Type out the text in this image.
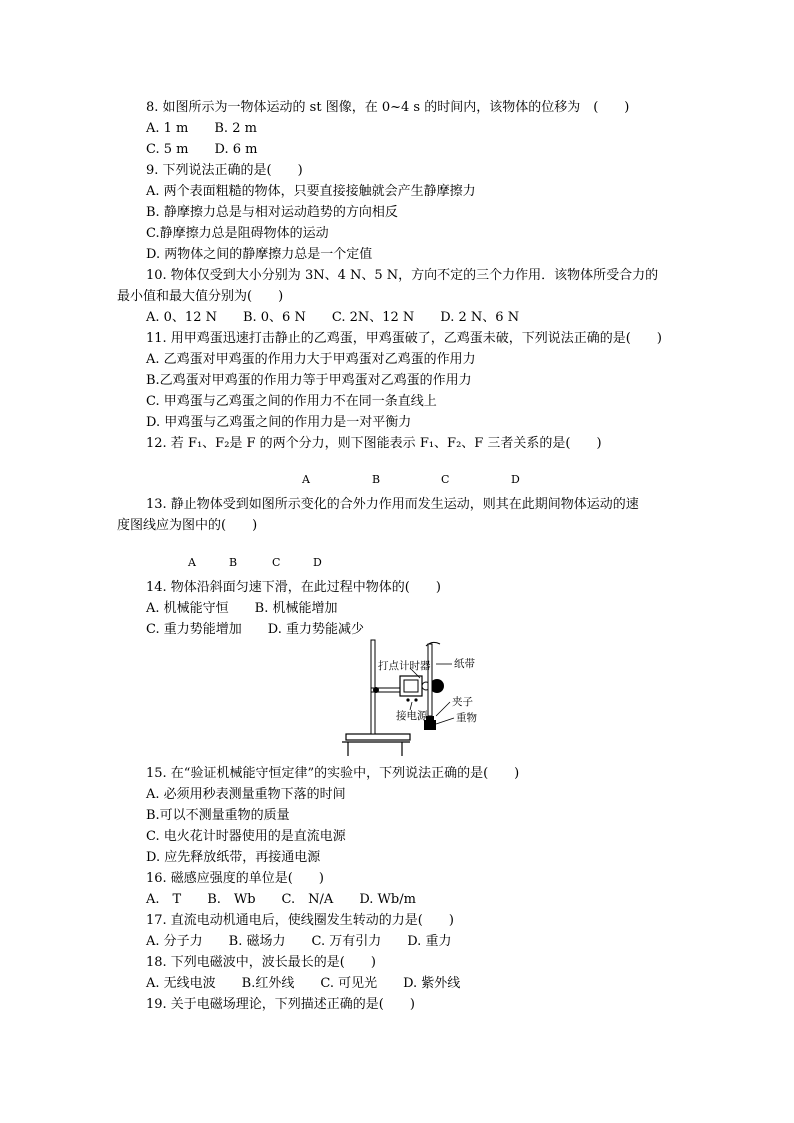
8. 如图所示为一物体运动的 st 图像，在 0~4 s 的时间内，该物体的位移为　(　　)
A. 1 m　　B. 2 m
C. 5 m　　D. 6 m
9. 下列说法正确的是(　　)
A. 两个表面粗糙的物体，只要直接接触就会产生静摩擦力
B. 静摩擦力总是与相对运动趋势的方向相反
C.静摩擦力总是阻碍物体的运动
D. 两物体之间的静摩擦力总是一个定值
10. 物体仅受到大小分别为 3N、4 N、5 N，方向不定的三个力作用．该物体所受合力的
最小值和最大值分别为(　　)
A. 0、12 N　　B. 0、6 N　　C. 2N、12 N　　D. 2 N、6 N
11. 用甲鸡蛋迅速打击静止的乙鸡蛋，甲鸡蛋破了，乙鸡蛋未破，下列说法正确的是(　　)
A. 乙鸡蛋对甲鸡蛋的作用力大于甲鸡蛋对乙鸡蛋的作用力
B.乙鸡蛋对甲鸡蛋的作用力等于甲鸡蛋对乙鸡蛋的作用力
C. 甲鸡蛋与乙鸡蛋之间的作用力不在同一条直线上
D. 甲鸡蛋与乙鸡蛋之间的作用力是一对平衡力
12. 若 F₁、F₂是 F 的两个分力，则下图能表示 F₁、F₂、F 三者关系的是(　　)
A	B	C	D
13. 静止物体受到如图所示变化的合外力作用而发生运动，则其在此期间物体运动的速
度图线应为图中的(　　)
A	B	C	D
14. 物体沿斜面匀速下滑，在此过程中物体的(　　)
A. 机械能守恒　　B. 机械能增加
C. 重力势能增加　　D. 重力势能减少
打点计时器 纸带
夹子
接电源	重物
15. 在“验证机械能守恒定律”的实验中，下列说法正确的是(　　)
A. 必须用秒表测量重物下落的时间
B.可以不测量重物的质量
C. 电火花计时器使用的是直流电源
D. 应先释放纸带，再接通电源
16. 磁感应强度的单位是(　　)
A.　T　　B.　Wb　　C.　N/A　　D. Wb/m
17. 直流电动机通电后，使线圈发生转动的力是(　　)
A. 分子力　　B. 磁场力　　C. 万有引力　　D. 重力
18. 下列电磁波中，波长最长的是(　　)
A. 无线电波　　B.红外线　　C. 可见光　　D. 紫外线
19. 关于电磁场理论，下列描述正确的是(　　)
